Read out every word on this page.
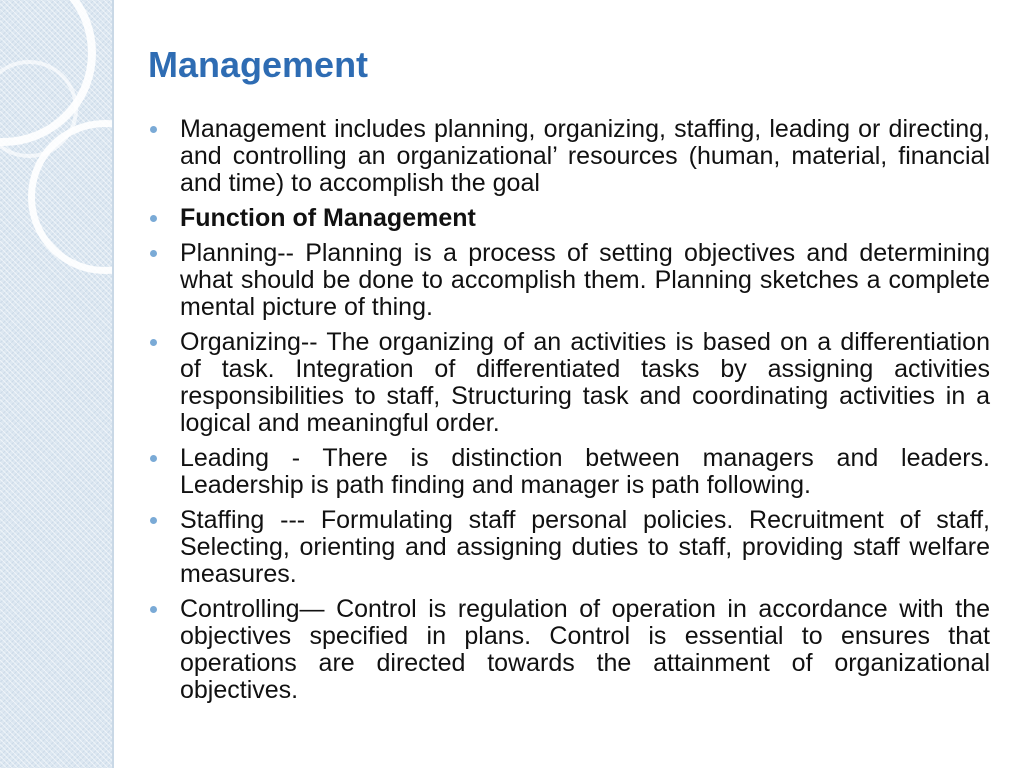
Management
Management includes planning, organizing, staffing, leading or directing, and controlling an organizational’ resources (human, material, financial and time) to accomplish the goal
Function of Management
Planning-- Planning is a process of setting objectives and determining what should be done to accomplish them. Planning sketches a complete mental picture of thing.
Organizing-- The organizing of an activities is based on a differentiation of task. Integration of differentiated tasks by assigning activities responsibilities to staff, Structuring task and coordinating activities in a logical and meaningful order.
Leading - There is distinction between managers and leaders. Leadership is path finding and manager is path following.
Staffing --- Formulating staff personal policies. Recruitment of staff, Selecting, orienting and assigning duties to staff, providing staff welfare measures.
Controlling— Control is regulation of operation in accordance with the objectives specified in plans. Control is essential to ensures that operations are directed towards the attainment of organizational objectives.
